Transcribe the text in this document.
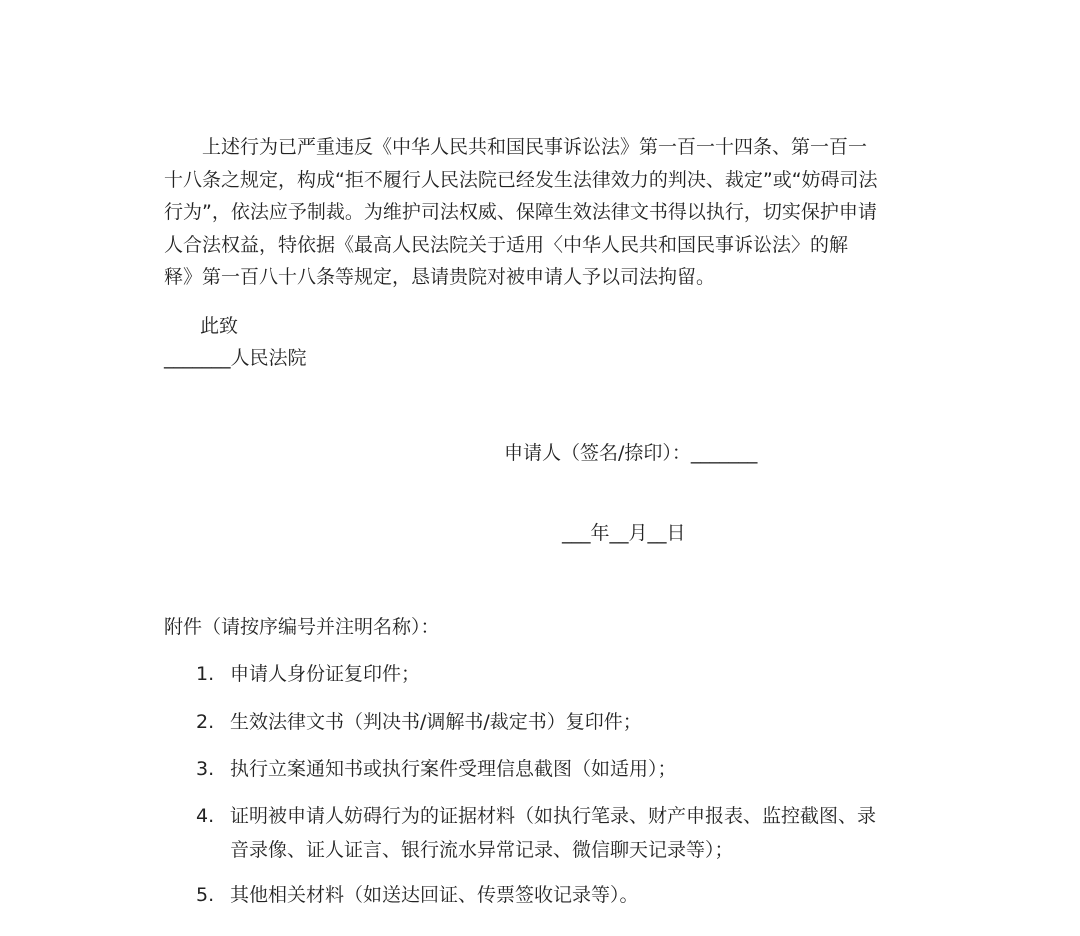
上述行为已严重违反《中华人民共和国民事诉讼法》第一百一十四条、第一百一
十八条之规定，构成“拒不履行人民法院已经发生法律效力的判决、裁定”或“妨碍司法
行为”，依法应予制裁。为维护司法权威、保障生效法律文书得以执行，切实保护申请
人合法权益，特依据《最高人民法院关于适用〈中华人民共和国民事诉讼法〉的解
释》第一百八十八条等规定，恳请贵院对被申请人予以司法拘留。
此致
_______人民法院
申请人（签名/捺印）：_______
___年__月__日
附件（请按序编号并注明名称）：
1. 申请人身份证复印件；
2. 生效法律文书（判决书/调解书/裁定书）复印件；
3. 执行立案通知书或执行案件受理信息截图（如适用）；
4. 证明被申请人妨碍行为的证据材料（如执行笔录、财产申报表、监控截图、录
音录像、证人证言、银行流水异常记录、微信聊天记录等）；
5. 其他相关材料（如送达回证、传票签收记录等）。
